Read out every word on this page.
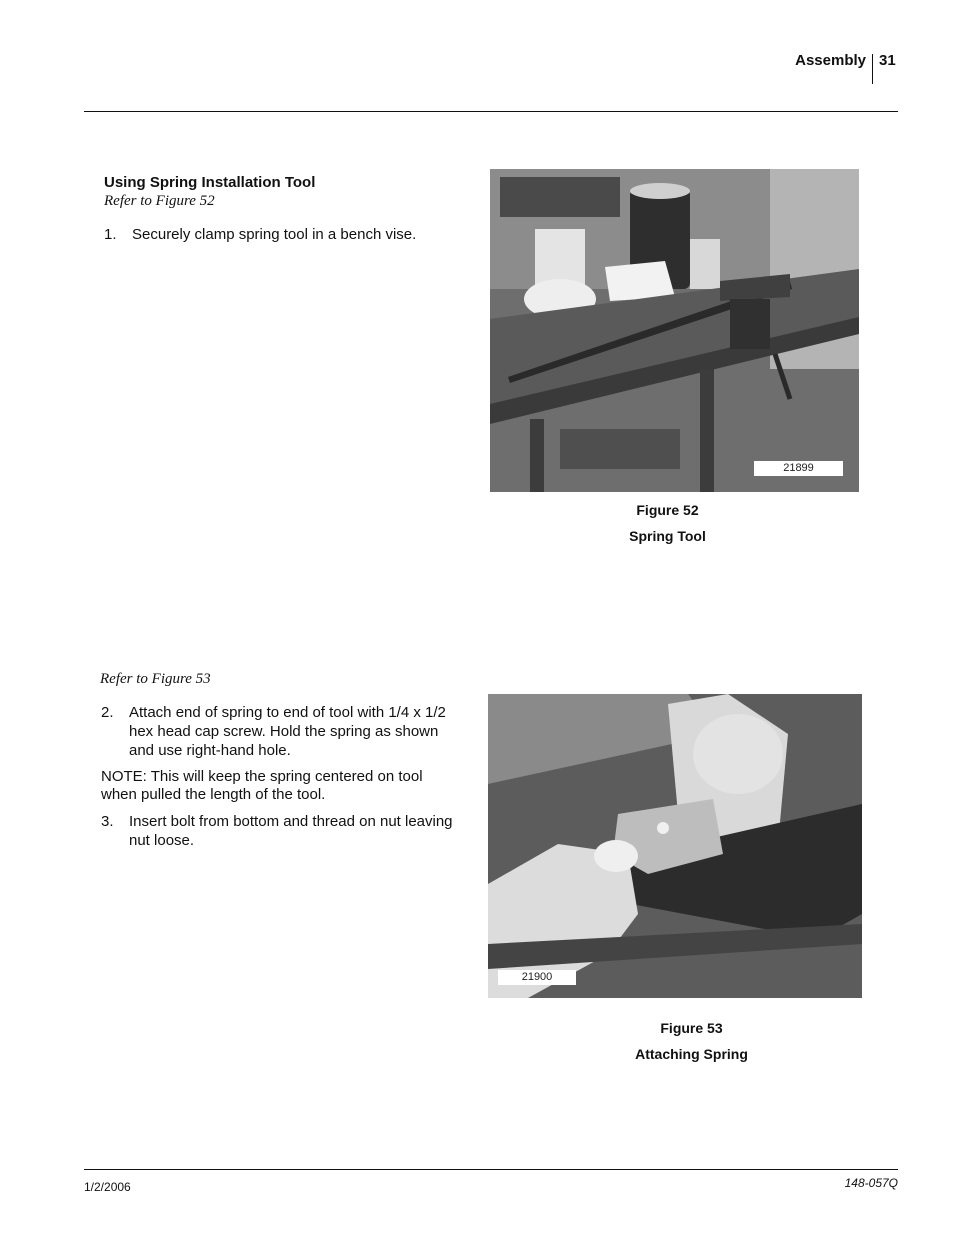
Assembly 31
Using Spring Installation Tool
Refer to Figure 52
1. Securely clamp spring tool in a bench vise.
Refer to Figure 53
2. Attach end of spring to end of tool with 1/4 x 1/2 hex head cap screw. Hold the spring as shown and use right-hand hole.
NOTE: This will keep the spring centered on tool when pulled the length of the tool.
3. Insert bolt from bottom and thread on nut leaving nut loose.
21899
Figure 52
Spring Tool
21900
Figure 53
Attaching Spring
1/2/2006	148-057Q
